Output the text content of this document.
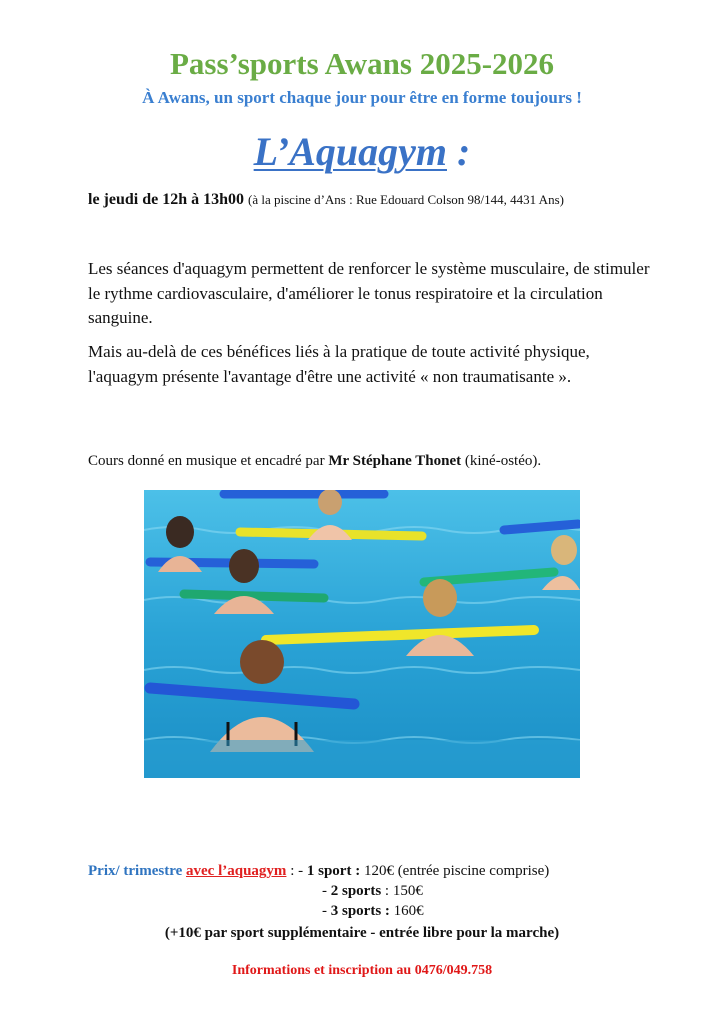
Pass’sports Awans 2025-2026
À Awans, un sport chaque jour pour être en forme toujours !
L’Aquagym :
le jeudi de 12h à 13h00 (à la piscine d’Ans : Rue Edouard Colson 98/144, 4431 Ans)

Les séances d'aquagym permettent de renforcer le système musculaire, de stimuler le rythme cardiovasculaire, d'améliorer le tonus respiratoire et la circulation sanguine.

Mais au-delà de ces bénéfices liés à la pratique de toute activité physique, l'aquagym présente l'avantage d'être une activité « non traumatisante ».

Cours donné en musique et encadré par Mr Stéphane Thonet (kiné-ostéo).
Prix/ trimestre avec l’aquagym : - 1 sport : 120€ (entrée piscine comprise)
- 2 sports : 150€
- 3 sports : 160€
(+10€ par sport supplémentaire - entrée libre pour la marche)
Informations et inscription au 0476/049.758
